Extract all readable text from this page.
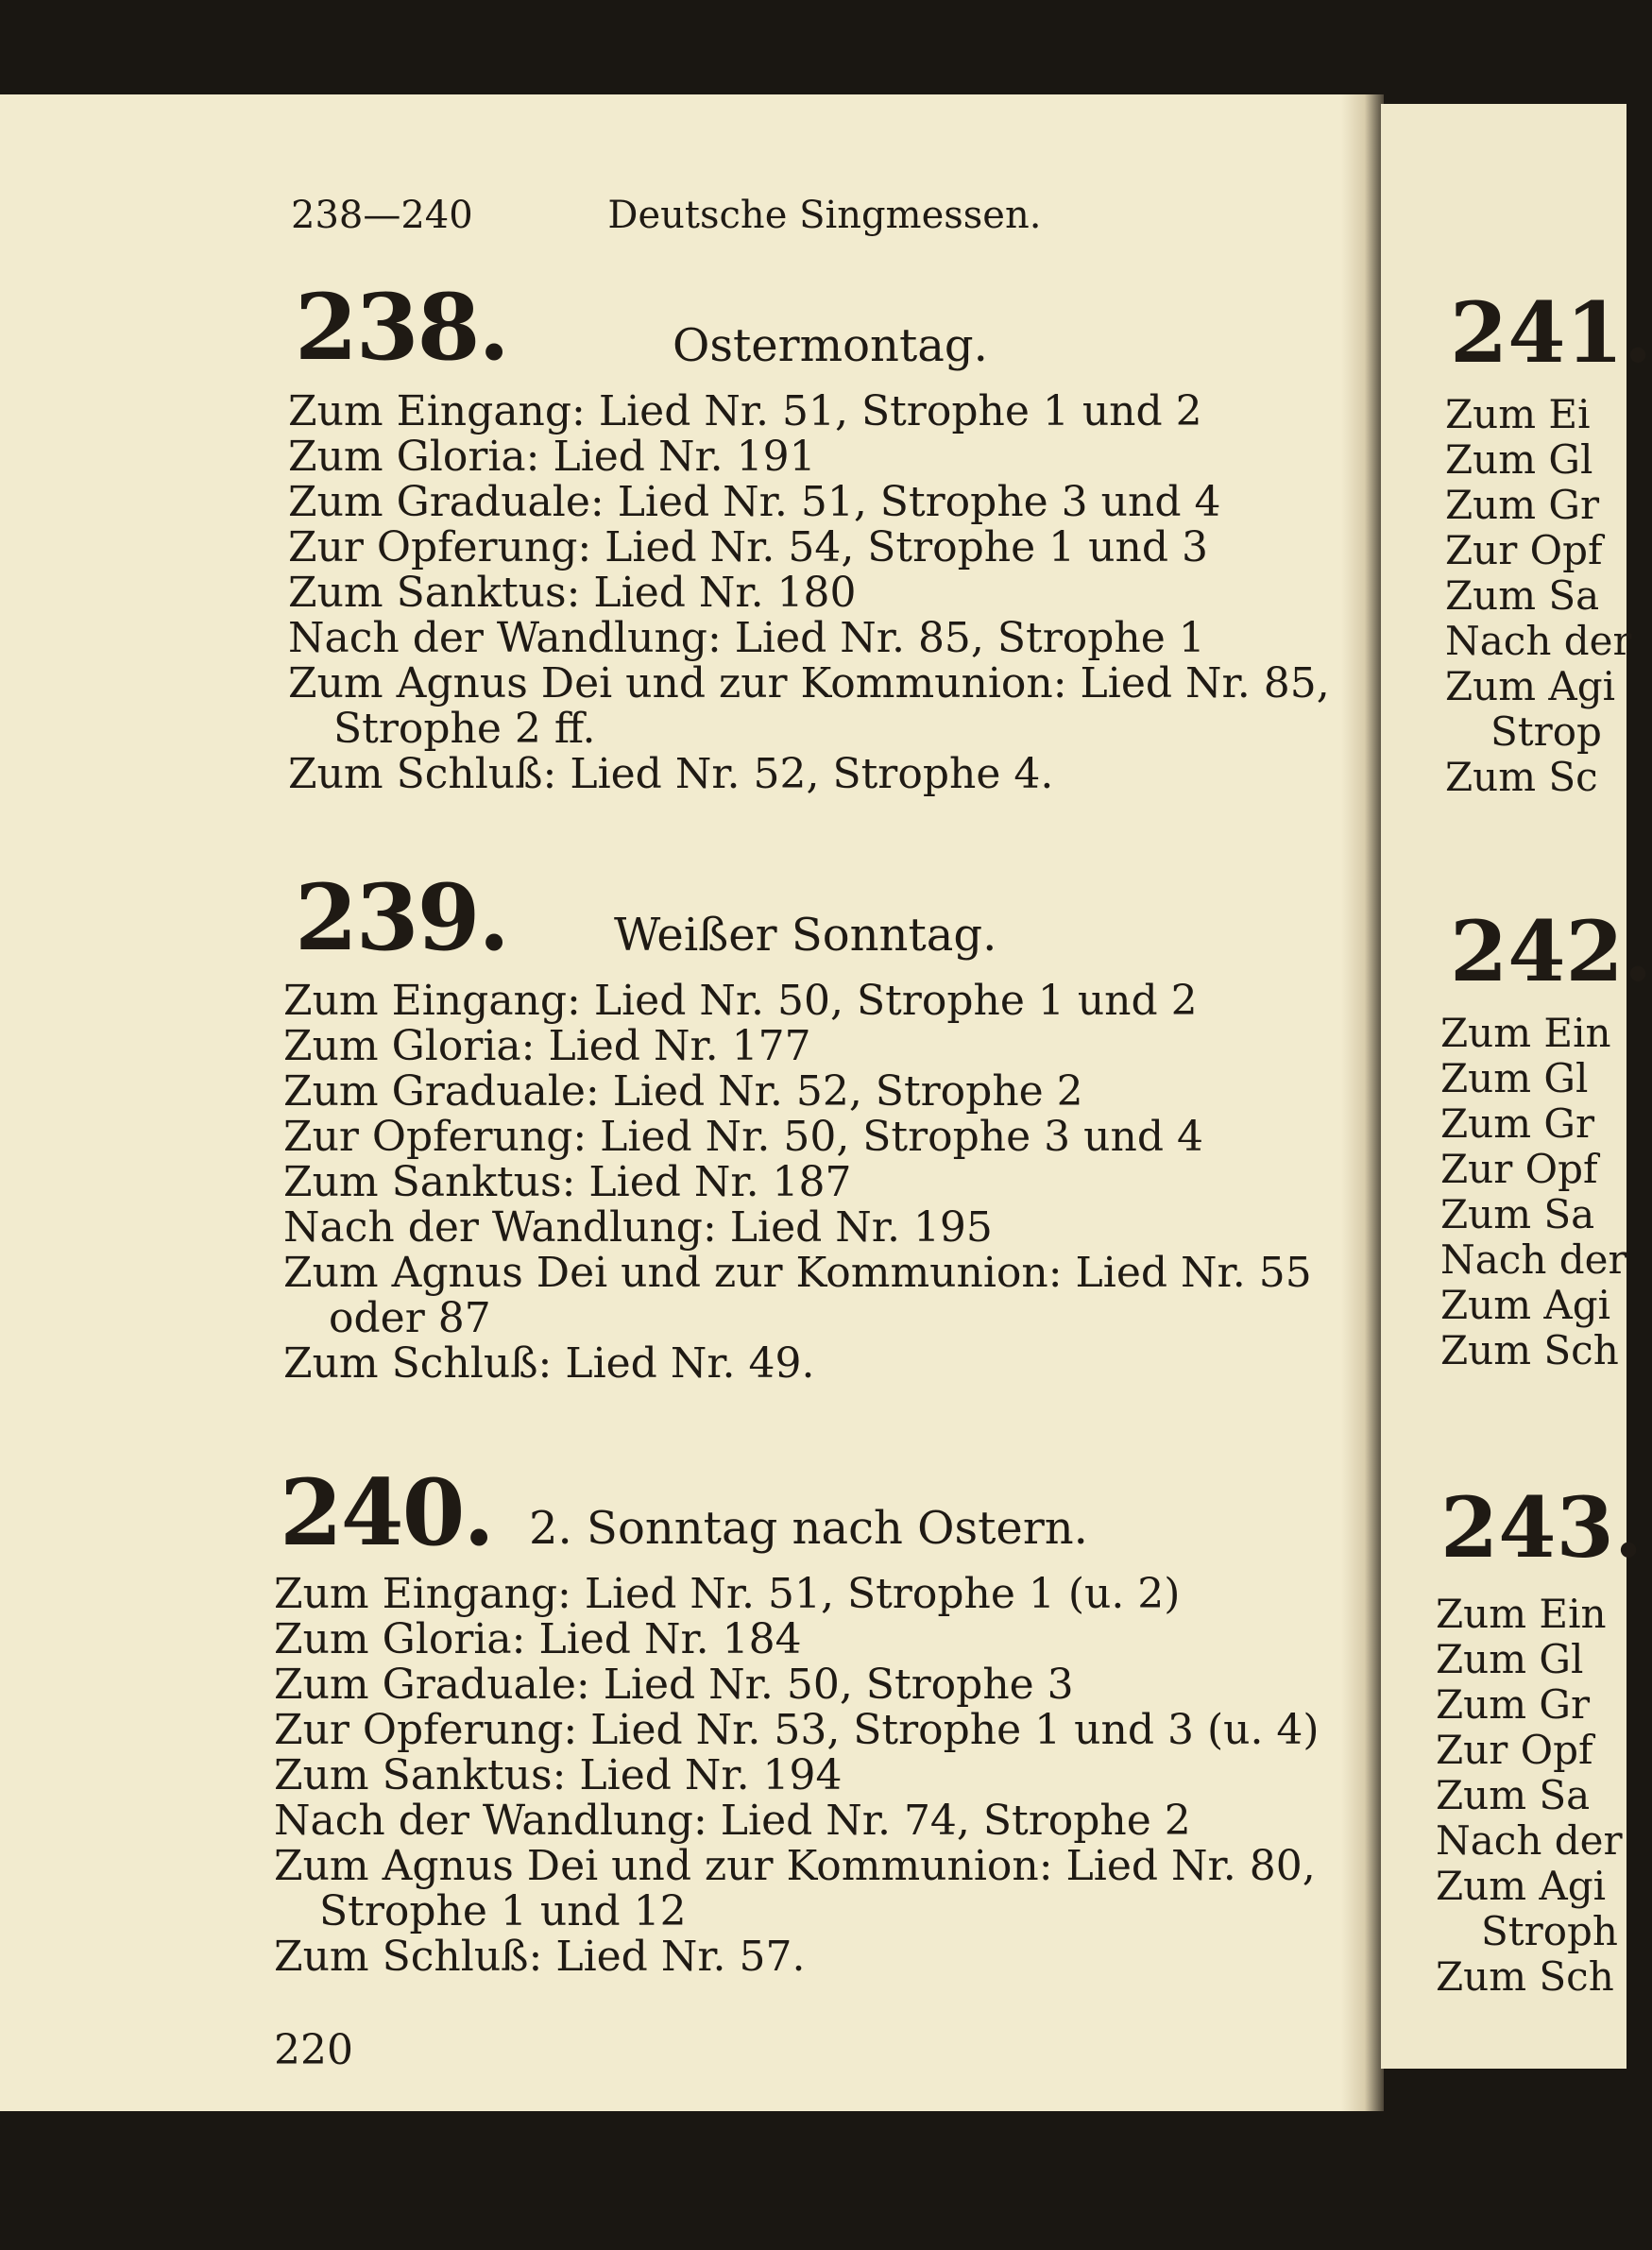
238—240	Deutsche Singmessen.
238.	Ostermontag.
Zum Eingang: Lied Nr. 51, Strophe 1 und 2
Zum Gloria: Lied Nr. 191
Zum Graduale: Lied Nr. 51, Strophe 3 und 4
Zur Opferung: Lied Nr. 54, Strophe 1 und 3
Zum Sanktus: Lied Nr. 180
Nach der Wandlung: Lied Nr. 85, Strophe 1
Zum Agnus Dei und zur Kommunion: Lied Nr. 85,
Strophe 2 ff.
Zum Schluß: Lied Nr. 52, Strophe 4.
239. Weißer Sonntag.
Zum Eingang: Lied Nr. 50, Strophe 1 und 2
Zum Gloria: Lied Nr. 177
Zum Graduale: Lied Nr. 52, Strophe 2
Zur Opferung: Lied Nr. 50, Strophe 3 und 4
Zum Sanktus: Lied Nr. 187
Nach der Wandlung: Lied Nr. 195
Zum Agnus Dei und zur Kommunion: Lied Nr. 55
oder 87
Zum Schluß: Lied Nr. 49.
240. 2. Sonntag nach Ostern.
Zum Eingang: Lied Nr. 51, Strophe 1 (u. 2)
Zum Gloria: Lied Nr. 184
Zum Graduale: Lied Nr. 50, Strophe 3
Zur Opferung: Lied Nr. 53, Strophe 1 und 3 (u. 4)
Zum Sanktus: Lied Nr. 194
Nach der Wandlung: Lied Nr. 74, Strophe 2
Zum Agnus Dei und zur Kommunion: Lied Nr. 80,
Strophe 1 und 12
Zum Schluß: Lied Nr. 57.
220
241.
Zum Ei
Zum Gl
Zum Gr
Zur Opf
Zum Sa
Nach der
Zum Agi
Strop
Zum Sc
242.
Zum Ein
Zum Gl
Zum Gr
Zur Opf
Zum Sa
Nach der
Zum Agi
Zum Sch
243.
Zum Ein
Zum Gl
Zum Gr
Zur Opf
Zum Sa
Nach der
Zum Agi
Stroph
Zum Sch
